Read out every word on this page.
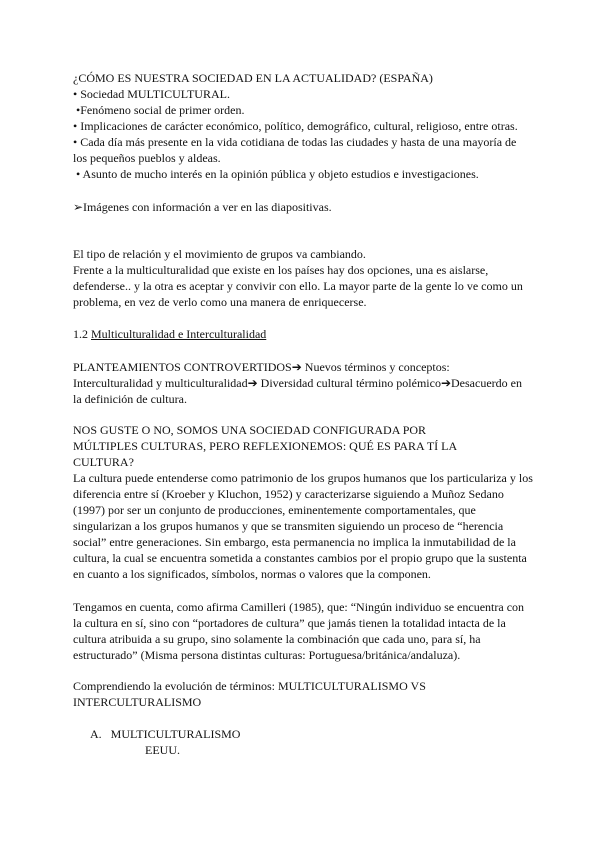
¿CÓMO ES NUESTRA SOCIEDAD EN LA ACTUALIDAD? (ESPAÑA)
• Sociedad MULTICULTURAL.
•Fenómeno social de primer orden.
• Implicaciones de carácter económico, político, demográfico, cultural, religioso, entre otras.
• Cada día más presente en la vida cotidiana de todas las ciudades y hasta de una mayoría de los pequeños pueblos y aldeas.
• Asunto de mucho interés en la opinión pública y objeto estudios e investigaciones.
➢Imágenes con información a ver en las diapositivas.
El tipo de relación y el movimiento de grupos va cambiando.
Frente a la multiculturalidad que existe en los países hay dos opciones, una es aislarse, defenderse.. y la otra es aceptar y convivir con ello. La mayor parte de la gente lo ve como un problema, en vez de verlo como una manera de enriquecerse.
1.2 Multiculturalidad e Interculturalidad
PLANTEAMIENTOS CONTROVERTIDOS➔ Nuevos términos y conceptos: Interculturalidad y multiculturalidad➔ Diversidad cultural término polémico➔Desacuerdo en la definición de cultura.
NOS GUSTE O NO, SOMOS UNA SOCIEDAD CONFIGURADA POR MÚLTIPLES CULTURAS, PERO REFLEXIONEMOS: QUÉ ES PARA TÍ LA CULTURA?
La cultura puede entenderse como patrimonio de los grupos humanos que los particulariza y los diferencia entre sí (Kroeber y Kluchon, 1952) y caracterizarse siguiendo a Muñoz Sedano (1997) por ser un conjunto de producciones, eminentemente comportamentales, que singularizan a los grupos humanos y que se transmiten siguiendo un proceso de “herencia social” entre generaciones. Sin embargo, esta permanencia no implica la inmutabilidad de la cultura, la cual se encuentra sometida a constantes cambios por el propio grupo que la sustenta en cuanto a los significados, símbolos, normas o valores que la componen.
Tengamos en cuenta, como afirma Camilleri (1985), que: “Ningún individuo se encuentra con la cultura en sí, sino con “portadores de cultura” que jamás tienen la totalidad intacta de la cultura atribuida a su grupo, sino solamente la combinación que cada uno, para sí, ha estructurado” (Misma persona distintas culturas: Portuguesa/británica/andaluza).
Comprendiendo la evolución de términos: MULTICULTURALISMO VS INTERCULTURALISMO
A. MULTICULTURALISMO
EEUU.
